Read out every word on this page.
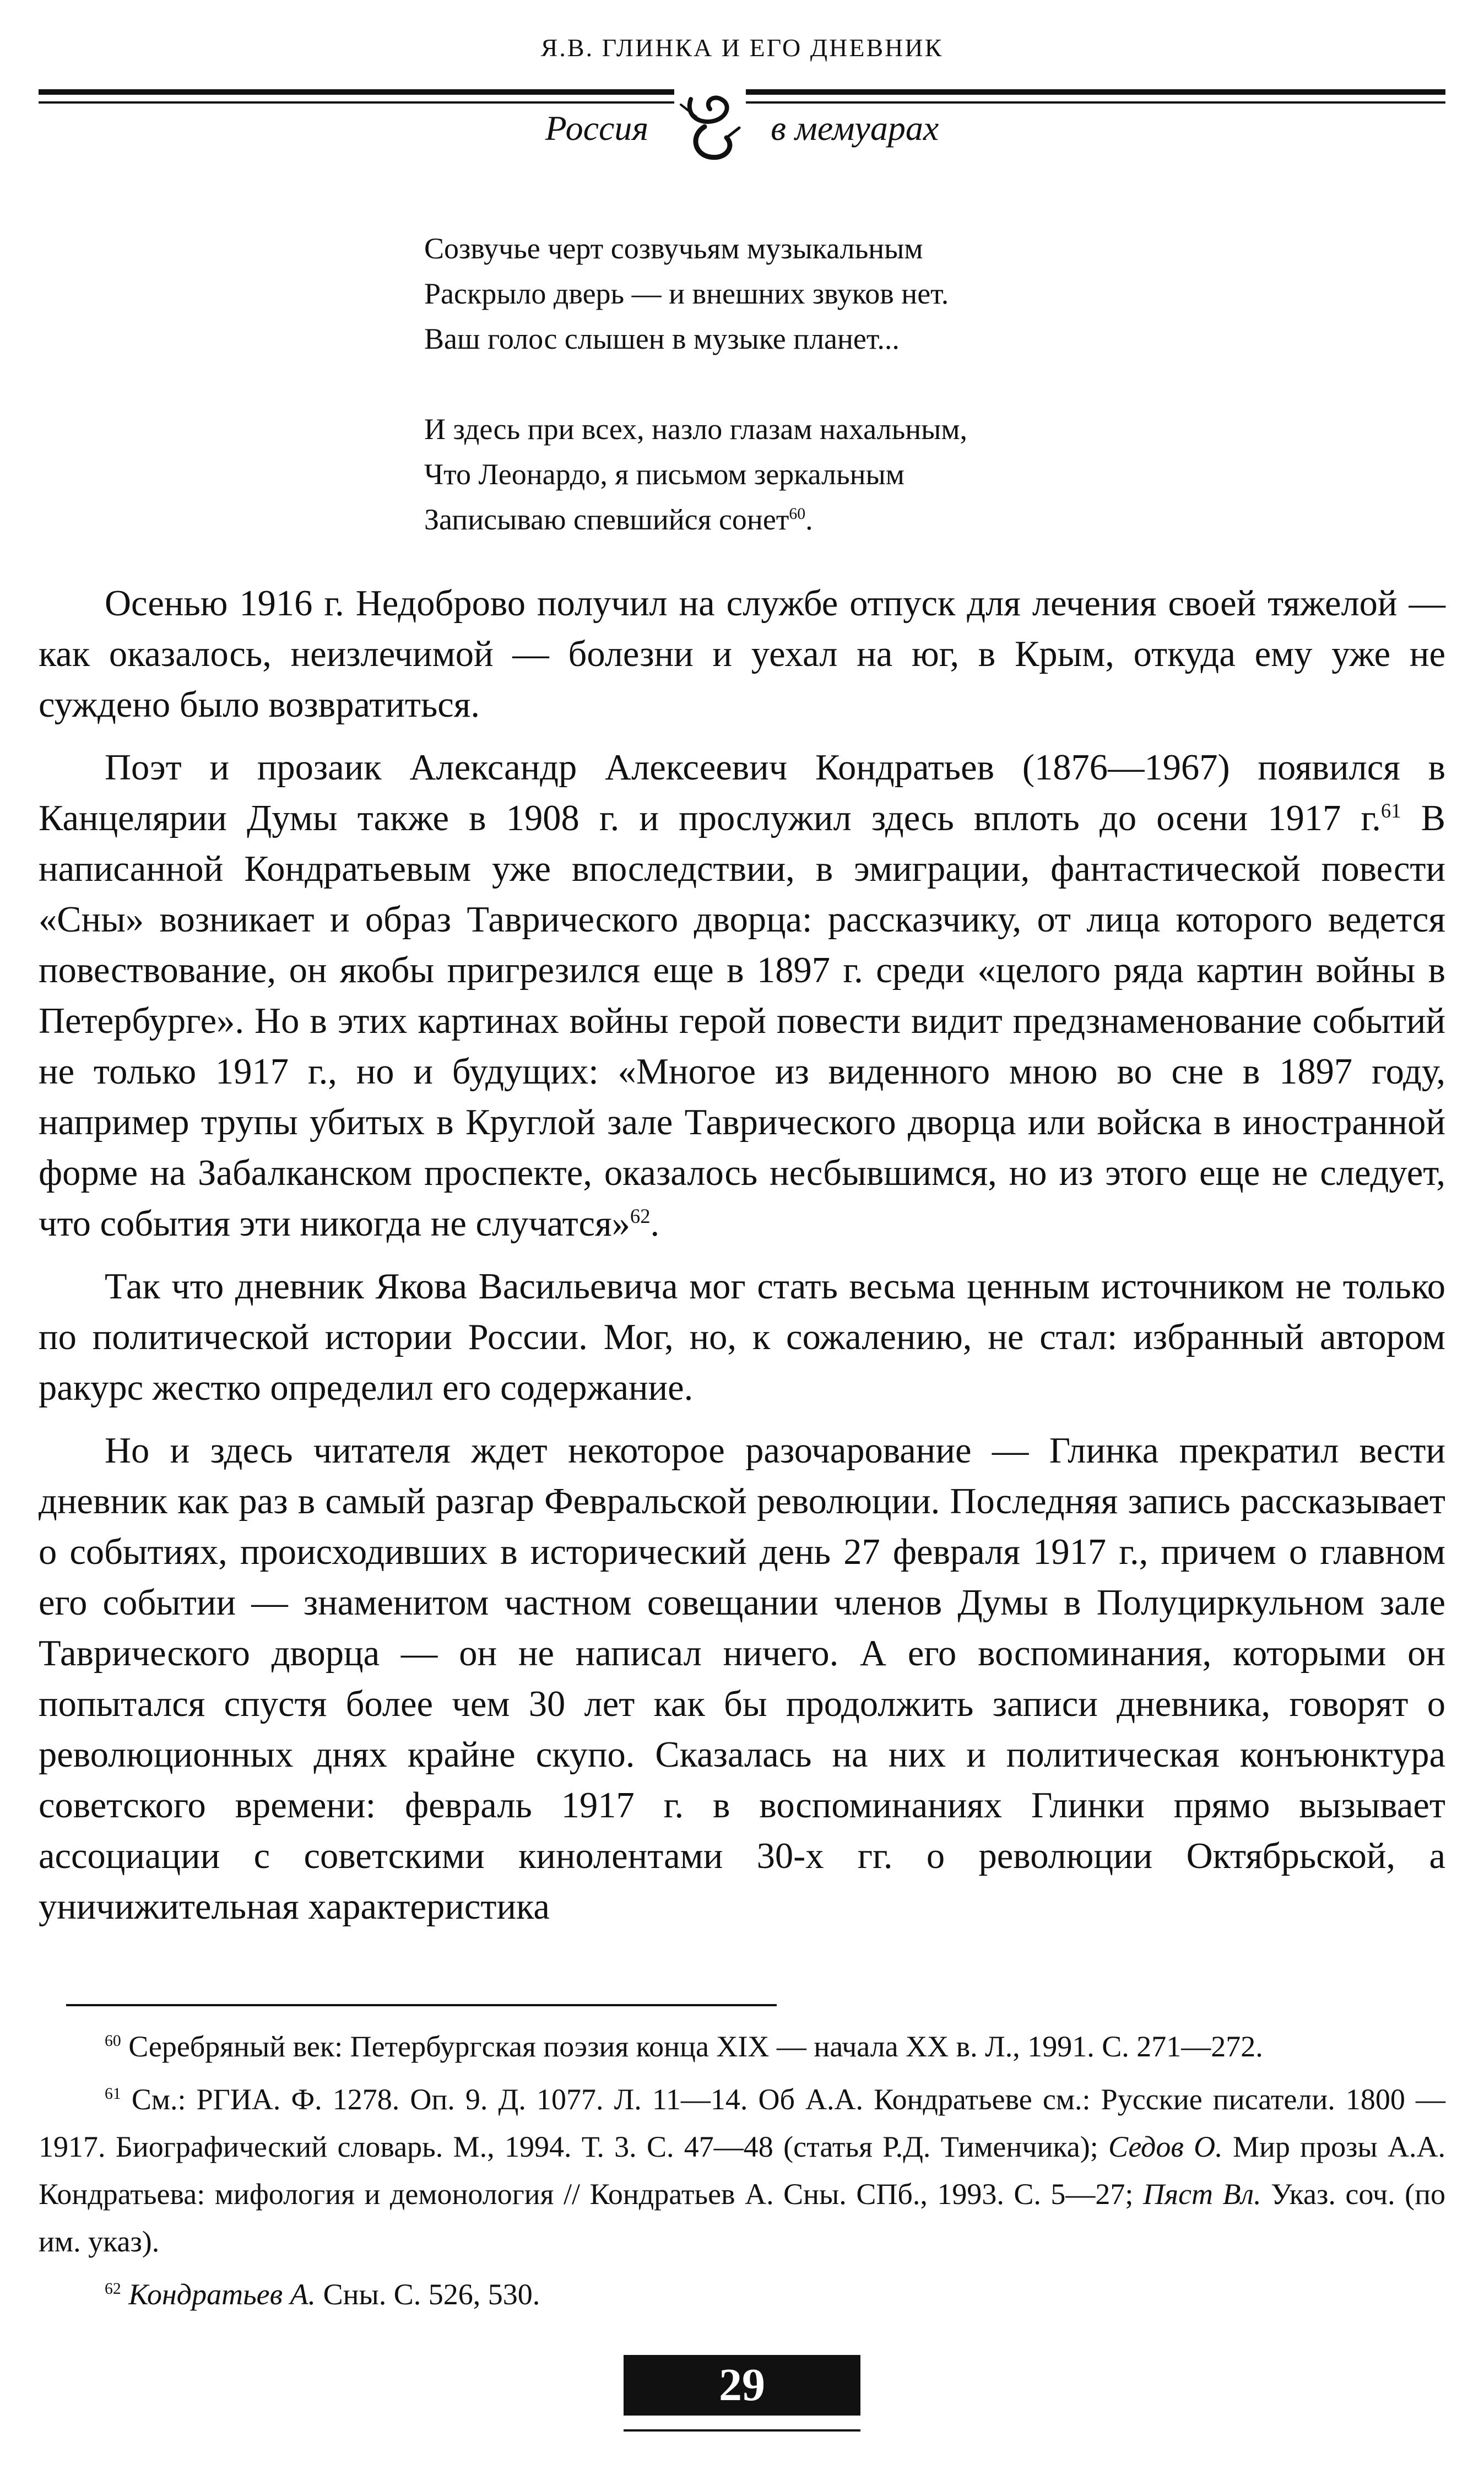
Я.В. ГЛИНКА И ЕГО ДНЕВНИК
Россия	в мемуарах
Созвучье черт созвучьям музыкальным
Раскрыло дверь — и внешних звуков нет.
Ваш голос слышен в музыке планет...
И здесь при всех, назло глазам нахальным,
Что Леонардо, я письмом зеркальным
Записываю спевшийся сонет$^{60}$.

Осенью 1916 г. Недоброво получил на службе отпуск для лечения своей тяжелой — как оказалось, неизлечимой — болезни и уехал на юг, в Крым, откуда ему уже не суждено было возвратиться.

Поэт и прозаик Александр Алексеевич Кондратьев (1876—1967) появился в Канцелярии Думы также в 1908 г. и прослужил здесь вплоть до осени 1917 г.$^{61}$ В написанной Кондратьевым уже впоследствии, в эмиграции, фантастической повести «Сны» возникает и образ Таврического дворца: рассказчику, от лица которого ведется повествование, он якобы пригрезился еще в 1897 г. среди «целого ряда картин войны в Петербурге». Но в этих картинах войны герой повести видит предзнаменование событий не только 1917 г., но и будущих: «Многое из виденного мною во сне в 1897 году, например трупы убитых в Круглой зале Таврического дворца или войска в иностранной форме на Забалканском проспекте, оказалось несбывшимся, но из этого еще не следует, что события эти никогда не случатся»$^{62}$.

Так что дневник Якова Васильевича мог стать весьма ценным источником не только по политической истории России. Мог, но, к сожалению, не стал: избранный автором ракурс жестко определил его содержание.

Но и здесь читателя ждет некоторое разочарование — Глинка прекратил вести дневник как раз в самый разгар Февральской революции. Последняя запись рассказывает о событиях, происходивших в исторический день 27 февраля 1917 г., причем о главном его событии — знаменитом частном совещании членов Думы в Полуциркульном зале Таврического дворца — он не написал ничего. А его воспоминания, которыми он попытался спустя более чем 30 лет как бы продолжить записи дневника, говорят о революционных днях крайне скупо. Сказалась на них и политическая конъюнктура советского времени: февраль 1917 г. в воспоминаниях Глинки прямо вызывает ассоциации с советскими кинолентами 30-х гг. о революции Октябрьской, а уничижительная характеристика

$^{60}$ Серебряный век: Петербургская поэзия конца XIX — начала XX в. Л., 1991. С. 271—272.

$^{61}$ См.: РГИА. Ф. 1278. Оп. 9. Д. 1077. Л. 11—14. Об А.А. Кондратьеве см.: Русские писатели. 1800 — 1917. Биографический словарь. М., 1994. Т. 3. С. 47—48 (статья Р.Д. Тименчика); Седов О. Мир прозы А.А. Кондратьева: мифология и демонология // Кондратьев А. Сны. СПб., 1993. С. 5—27; Пяст Вл. Указ. соч. (по им. указ).

$^{62}$ Кондратьев А. Сны. С. 526, 530.

29
